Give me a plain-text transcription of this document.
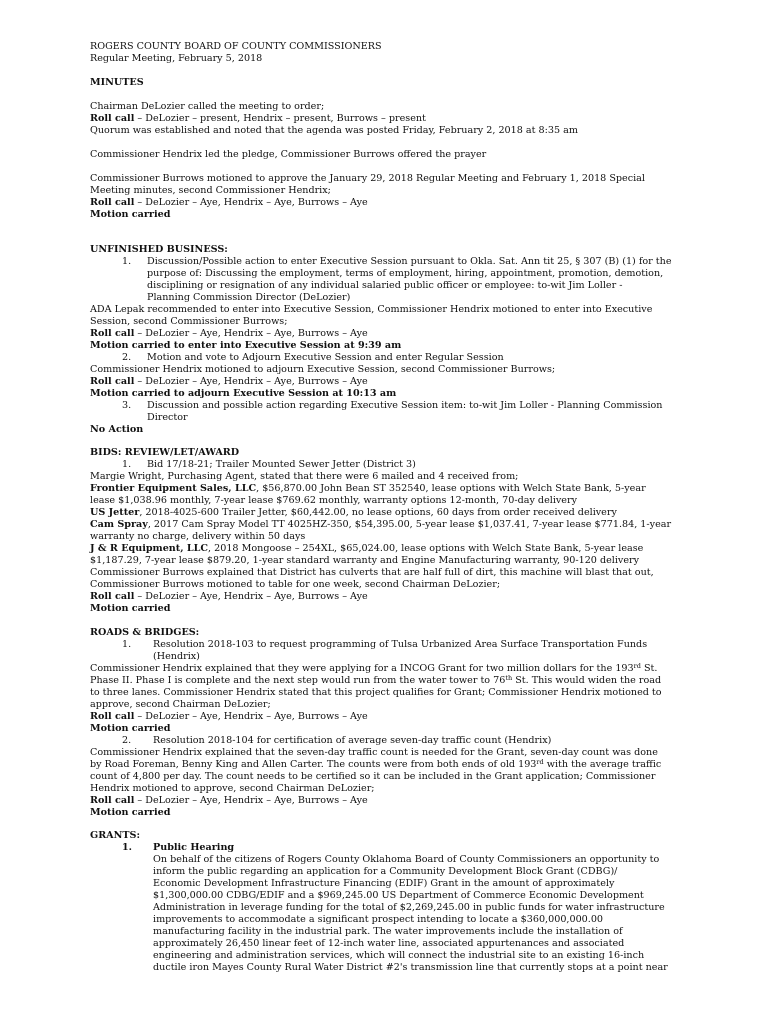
ROGERS COUNTY BOARD OF COUNTY COMMISSIONERS
Regular Meeting, February 5, 2018
MINUTES
Chairman DeLozier called the meeting to order;
Roll call – DeLozier – present, Hendrix – present, Burrows – present
Quorum was established and noted that the agenda was posted Friday, February 2, 2018 at 8:35 am
Commissioner Hendrix led the pledge, Commissioner Burrows offered the prayer
Commissioner Burrows motioned to approve the January 29, 2018 Regular Meeting and February 1, 2018 Special
Meeting minutes, second Commissioner Hendrix;
Roll call – DeLozier – Aye, Hendrix – Aye, Burrows – Aye
Motion carried
UNFINISHED BUSINESS:
1. Discussion/Possible action to enter Executive Session pursuant to Okla. Sat. Ann tit 25, § 307 (B) (1) for the
purpose of: Discussing the employment, terms of employment, hiring, appointment, promotion, demotion,
disciplining or resignation of any individual salaried public officer or employee: to-wit Jim Loller -
Planning Commission Director (DeLozier)
ADA Lepak recommended to enter into Executive Session, Commissioner Hendrix motioned to enter into Executive
Session, second Commissioner Burrows;
Roll call – DeLozier – Aye, Hendrix – Aye, Burrows – Aye
Motion carried to enter into Executive Session at 9:39 am
2. Motion and vote to Adjourn Executive Session and enter Regular Session
Commissioner Hendrix motioned to adjourn Executive Session, second Commissioner Burrows;
Roll call – DeLozier – Aye, Hendrix – Aye, Burrows – Aye
Motion carried to adjourn Executive Session at 10:13 am
3. Discussion and possible action regarding Executive Session item: to-wit Jim Loller - Planning Commission
Director
No Action
BIDS: REVIEW/LET/AWARD
1. Bid 17/18-21; Trailer Mounted Sewer Jetter (District 3)
Margie Wright, Purchasing Agent, stated that there were 6 mailed and 4 received from;
Frontier Equipment Sales, LLC, $56,870.00 John Bean ST 352540, lease options with Welch State Bank, 5-year
lease $1,038.96 monthly, 7-year lease $769.62 monthly, warranty options 12-month, 70-day delivery
US Jetter, 2018-4025-600 Trailer Jetter, $60,442.00, no lease options, 60 days from order received delivery
Cam Spray, 2017 Cam Spray Model TT 4025HZ-350, $54,395.00, 5-year lease $1,037.41, 7-year lease $771.84, 1-year
warranty no charge, delivery within 50 days
J & R Equipment, LLC, 2018 Mongoose – 254XL, $65,024.00, lease options with Welch State Bank, 5-year lease
$1,187.29, 7-year lease $879.20, 1-year standard warranty and Engine Manufacturing warranty, 90-120 delivery
Commissioner Burrows explained that District has culverts that are half full of dirt, this machine will blast that out,
Commissioner Burrows motioned to table for one week, second Chairman DeLozier;
Roll call – DeLozier – Aye, Hendrix – Aye, Burrows – Aye
Motion carried
ROADS & BRIDGES:
1. Resolution 2018-103 to request programming of Tulsa Urbanized Area Surface Transportation Funds
(Hendrix)
Commissioner Hendrix explained that they were applying for a INCOG Grant for two million dollars for the 193rd St.
Phase II. Phase I is complete and the next step would run from the water tower to 76th St. This would widen the road
to three lanes. Commissioner Hendrix stated that this project qualifies for Grant; Commissioner Hendrix motioned to
approve, second Chairman DeLozier;
Roll call – DeLozier – Aye, Hendrix – Aye, Burrows – Aye
Motion carried
2. Resolution 2018-104 for certification of average seven-day traffic count (Hendrix)
Commissioner Hendrix explained that the seven-day traffic count is needed for the Grant, seven-day count was done
by Road Foreman, Benny King and Allen Carter. The counts were from both ends of old 193rd with the average traffic
count of 4,800 per day. The count needs to be certified so it can be included in the Grant application; Commissioner
Hendrix motioned to approve, second Chairman DeLozier;
Roll call – DeLozier – Aye, Hendrix – Aye, Burrows – Aye
Motion carried
GRANTS:
1. Public Hearing
On behalf of the citizens of Rogers County Oklahoma Board of County Commissioners an opportunity to
inform the public regarding an application for a Community Development Block Grant (CDBG)/
Economic Development Infrastructure Financing (EDIF) Grant in the amount of approximately
$1,300,000.00 CDBG/EDIF and a $969,245.00 US Department of Commerce Economic Development
Administration in leverage funding for the total of $2,269,245.00 in public funds for water infrastructure
improvements to accommodate a significant prospect intending to locate a $360,000,000.00
manufacturing facility in the industrial park. The water improvements include the installation of
approximately 26,450 linear feet of 12-inch water line, associated appurtenances and associated
engineering and administration services, which will connect the industrial site to an existing 16-inch
ductile iron Mayes County Rural Water District #2's transmission line that currently stops at a point near
